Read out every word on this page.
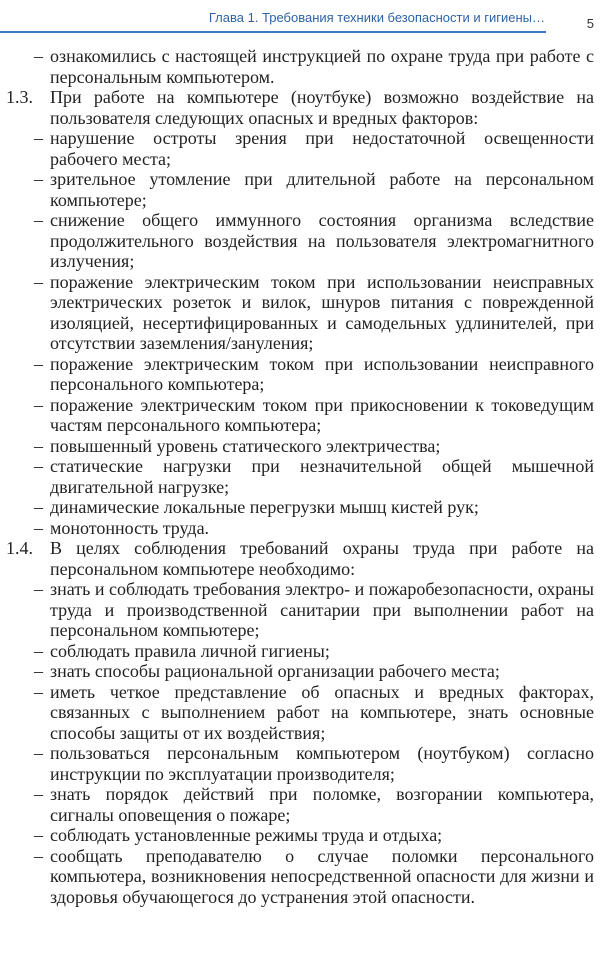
Глава 1. Требования техники безопасности и гигиены…	5
– ознакомились с настоящей инструкцией по охране труда при работе с персональным компьютером.
1.3. При работе на компьютере (ноутбуке) возможно воздействие на пользователя следующих опасных и вредных факторов:
– нарушение остроты зрения при недостаточной освещенности рабочего места;
– зрительное утомление при длительной работе на персональном компьютере;
– снижение общего иммунного состояния организма вследствие продолжительного воздействия на пользователя электромагнитного излучения;
– поражение электрическим током при использовании неисправных электрических розеток и вилок, шнуров питания с поврежденной изоляцией, несертифицированных и самодельных удлинителей, при отсутствии заземления/зануления;
– поражение электрическим током при использовании неисправного персонального компьютера;
– поражение электрическим током при прикосновении к токоведущим частям персонального компьютера;
– повышенный уровень статического электричества;
– статические нагрузки при незначительной общей мышечной двигательной нагрузке;
– динамические локальные перегрузки мышц кистей рук;
– монотонность труда.
1.4. В целях соблюдения требований охраны труда при работе на персональном компьютере необходимо:
– знать и соблюдать требования электро- и пожаробезопасности, охраны труда и производственной санитарии при выполнении работ на персональном компьютере;
– соблюдать правила личной гигиены;
– знать способы рациональной организации рабочего места;
– иметь четкое представление об опасных и вредных факторах, связанных с выполнением работ на компьютере, знать основные способы защиты от их воздействия;
– пользоваться персональным компьютером (ноутбуком) согласно инструкции по эксплуатации производителя;
– знать порядок действий при поломке, возгорании компьютера, сигналы оповещения о пожаре;
– соблюдать установленные режимы труда и отдыха;
– сообщать преподавателю о случае поломки персонального компьютера, возникновения непосредственной опасности для жизни и здоровья обучающегося до устранения этой опасности.
